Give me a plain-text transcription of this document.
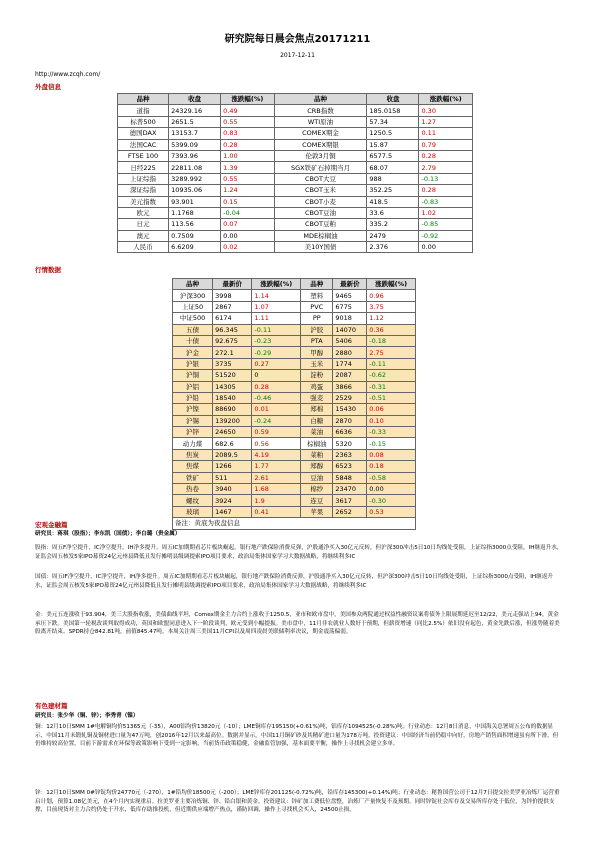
研究院每日晨会焦点20171211
2017-12-11
http://www.zcqh.com/
外盘信息
品种	收盘	涨跌幅(%)	品种	收盘	涨跌幅(%)
道指	24329.16	0.49	CRB指数	185.0158	0.30
标普500	2651.5	0.55	WTI原油	57.34	1.27
德国DAX	13153.7	0.83	COMEX期金	1250.5	0.11
法国CAC	5399.09	0.28	COMEX期银	15.87	0.79
FTSE 100	7393.96	1.00	伦敦3月铜	6577.5	0.28
日经225	22811.08	1.39	SGX铁矿石掉期当月	68.07	2.79
上证综指	3289.992	0.55	CBOT大豆	988	-0.13
深证综指	10935.06	1.24	CBOT玉米	352.25	0.28
美元指数	93.901	0.15	CBOT小麦	418.5	-0.83
欧元	1.1768	-0.04	CBOT豆油	33.6	1.02
日元	113.56	0.07	CBOT豆粕	335.2	-0.85
澳元	0.7509	0.00	MDE棕榈油	2479	-0.92
人民币	6.6209	0.02	美10Y国债	2.376	0.00
行情数据
品种	最新价	涨跌幅(%)	品种	最新价	涨跌幅(%)
沪深300	3998	1.14	塑料	9465	0.96
上证50	2867	1.07	PVC	6775	3.75
中证500	6174	1.11	PP	9018	1.12
五债	96.345	-0.11	沪胶	14070	0.36
十债	92.675	-0.23	PTA	5406	-0.18
沪金	272.1	-0.29	甲醇	2880	2.75
沪银	3735	0.27	玉米	1774	-0.11
沪铜	51520	0	淀粉	2087	-0.62
沪铝	14305	0.28	鸡蛋	3866	-0.31
沪铅	18540	-0.46	强麦	2529	-0.51
沪镍	88690	0.01	郑棉	15430	0.06
沪锡	139200	-0.24	白糖	2870	0.10
沪锌	24650	0.59	菜油	6636	-0.33
动力煤	682.6	0.56	棕榈油	5320	-0.15
焦炭	2089.5	4.19	菜粕	2363	0.08
焦煤	1266	1.77	郑醇	6523	0.18
铁矿	511	2.61	豆油	5848	-0.58
热卷	3940	1.68	棉纱	23470	0.00
螺纹	3924	1.9	连豆	3617	-0.30
玻璃	1467	0.41	苹果	2652	0.53
备注：黄底为夜盘信息					
宏观金融篇
研究员：蒋琪（股指）；李东凯（国债）；李白璐（贵金属）
股指：周五F净空提升，IC净空提升，IH净多提升。周五IC加期期看芯片板块崛起，银行地产跌保险消费反弹，沪股通净买入30亿元反转，但沪深300冲击5日10日均线处受阻，上证综指3000点受阻，IH继返升水，证监会周五核发5家IPO募资24亿元州县降低且发行摊明县级调提索IPO项目要求，政治局集体国家学习大数据战略，将继续利多IC
国债：周五IF净空提升，IC净空提升，IH净多提升。周五IC加期期看芯片板块崛起，银行地产跌保险消费反弹，沪股通净买入30亿元反转，但沪深300冲击5日10日均线处受阻，上证综指3000点受阻，IH继返升水，证监会周五核发5家IPO募资24亿元州县降低且发行摊明县级调提索IPO项目要求，政治局集体国家学习大数据战略，将继续利多IC
金：美元五连涨收于93.904，美三大股指收涨，美债曲线平坦，Comex期金主力合约上涨收于1250.5，亚市和欧市盘中，美国参众两院通过权益性融资议案将债务上限展期延迟至12/22，美元走强站上94，黄金承压下跌。美国第一轮税改谈判取得成功，英国和欧盟同意进入下一阶段谈判，欧元受到小幅提振。美市盘中，11月非农就业人数好于预期，但薪资增速（同比2.5%）依旧没有起色，黄金先跌后涨，但涨势随着美股离开结束。SPDR持仓842.81吨，前值845.47吨。本周关注周三美国11月CPI以及周四凌晨美联储利率决议，期金震荡偏弱。
有色建材篇
研究员：张少华（铜、锌）；李秀青（镍）
铜：12月10日SMM 1#电解铜均价51365元（-35），A00铝均价13820元（-10）；LME铜库存195150(+0.61%)吨，铝库存1094525(-0.28%)吨；行业动态：12月8日消息，中国海关总署周五公布的数据显示，中国11月未锻轧铜及铜材进口量为47万吨，创2016年12月以来最高位。数据并显示，中国11月铜矿砂及其精矿进口量为178万吨。投资建议：中国经济当前仍稳中向好，房地产销售面积增速虽有所下滑，但仍维持较高位置，目前下游需求在环保等政策影响下受到一定影响，当前货币政策稳健，金融监管加强，基本面要平衡，操作上寻找机会建立多单。
锌：12月10日SMM 0#锌锭均价24770元（-270），1#铅均价18500元（-200）；LME锌库存201125(-0.72%)吨，铅库存145300(+0.14%)吨；行业动态：秘鲁国营公司于12月7日提交拉美罗亚冶炼厂运营重启计划，预算1.08亿美元，在4个月内实现重启。拉美罗亚主要冶炼铜、锌、铅白银和黄金。投资建议：锌矿加工费低位盘整，冶炼厂产量恢复不及预期。同时锌锭社会库存及交易所库存处于低位，为锌价提供支撑，目前现货对主力合约仍处于升水，低库存助推投机，但近期供应端增产热点，谨防回调，操作上寻找机会买入，24500止损。
